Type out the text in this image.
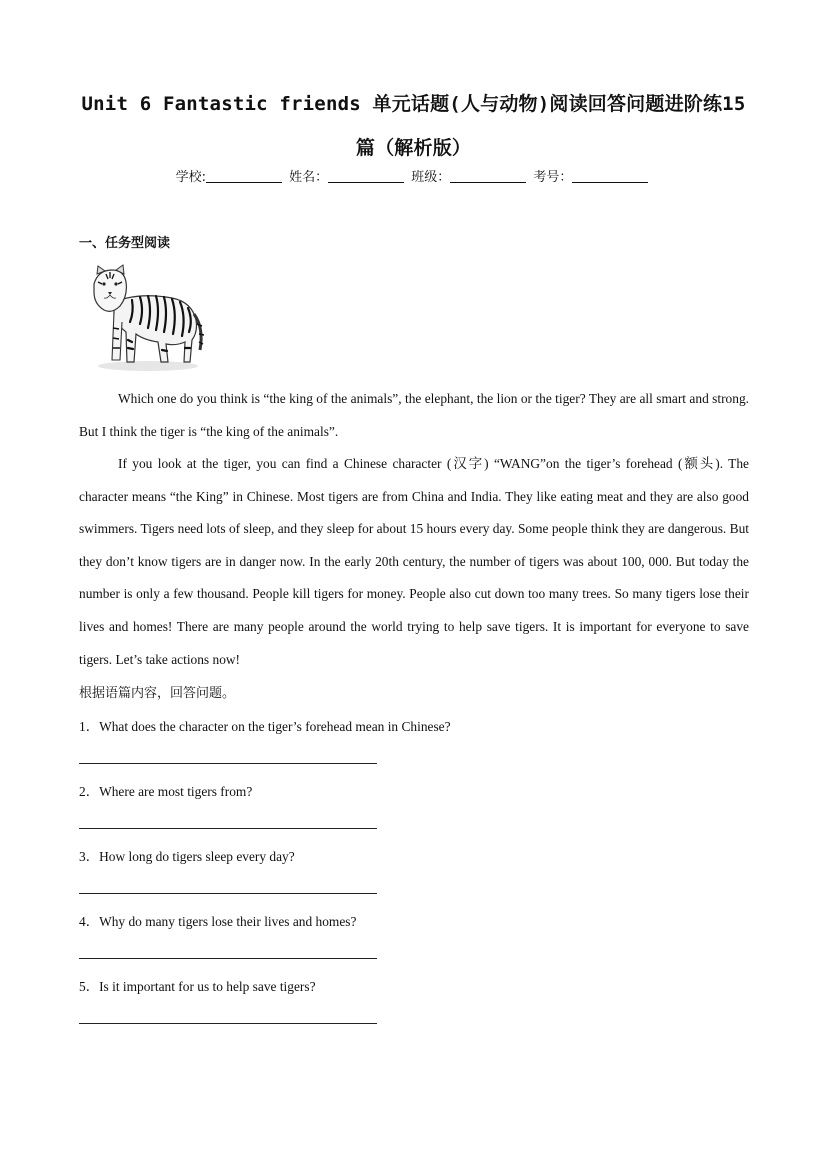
Unit 6 Fantastic friends 单元话题(人与动物)阅读回答问题进阶练15
篇（解析版）
学校:	姓名：	班级：	考号：
一、任务型阅读

Which one do you think is “the king of the animals”, the elephant, the lion or the tiger? They are all smart and strong. But I think the tiger is “the king of the animals”.

If you look at the tiger, you can find a Chinese character (汉字) “WANG”on the tiger’s forehead (额头). The character means “the King” in Chinese. Most tigers are from China and India. They like eating meat and they are also good swimmers. Tigers need lots of sleep, and they sleep for about 15 hours every day. Some people think they are dangerous. But they don’t know tigers are in danger now. In the early 20th century, the number of tigers was about 100, 000. But today the number is only a few thousand. People kill tigers for money. People also cut down too many trees. So many tigers lose their lives and homes! There are many people around the world trying to help save tigers. It is important for everyone to save tigers. Let’s take actions now!

根据语篇内容，回答问题。
1．What does the character on the tiger’s forehead mean in Chinese?
2．Where are most tigers from?
3．How long do tigers sleep every day?
4．Why do many tigers lose their lives and homes?
5．Is it important for us to help save tigers?
